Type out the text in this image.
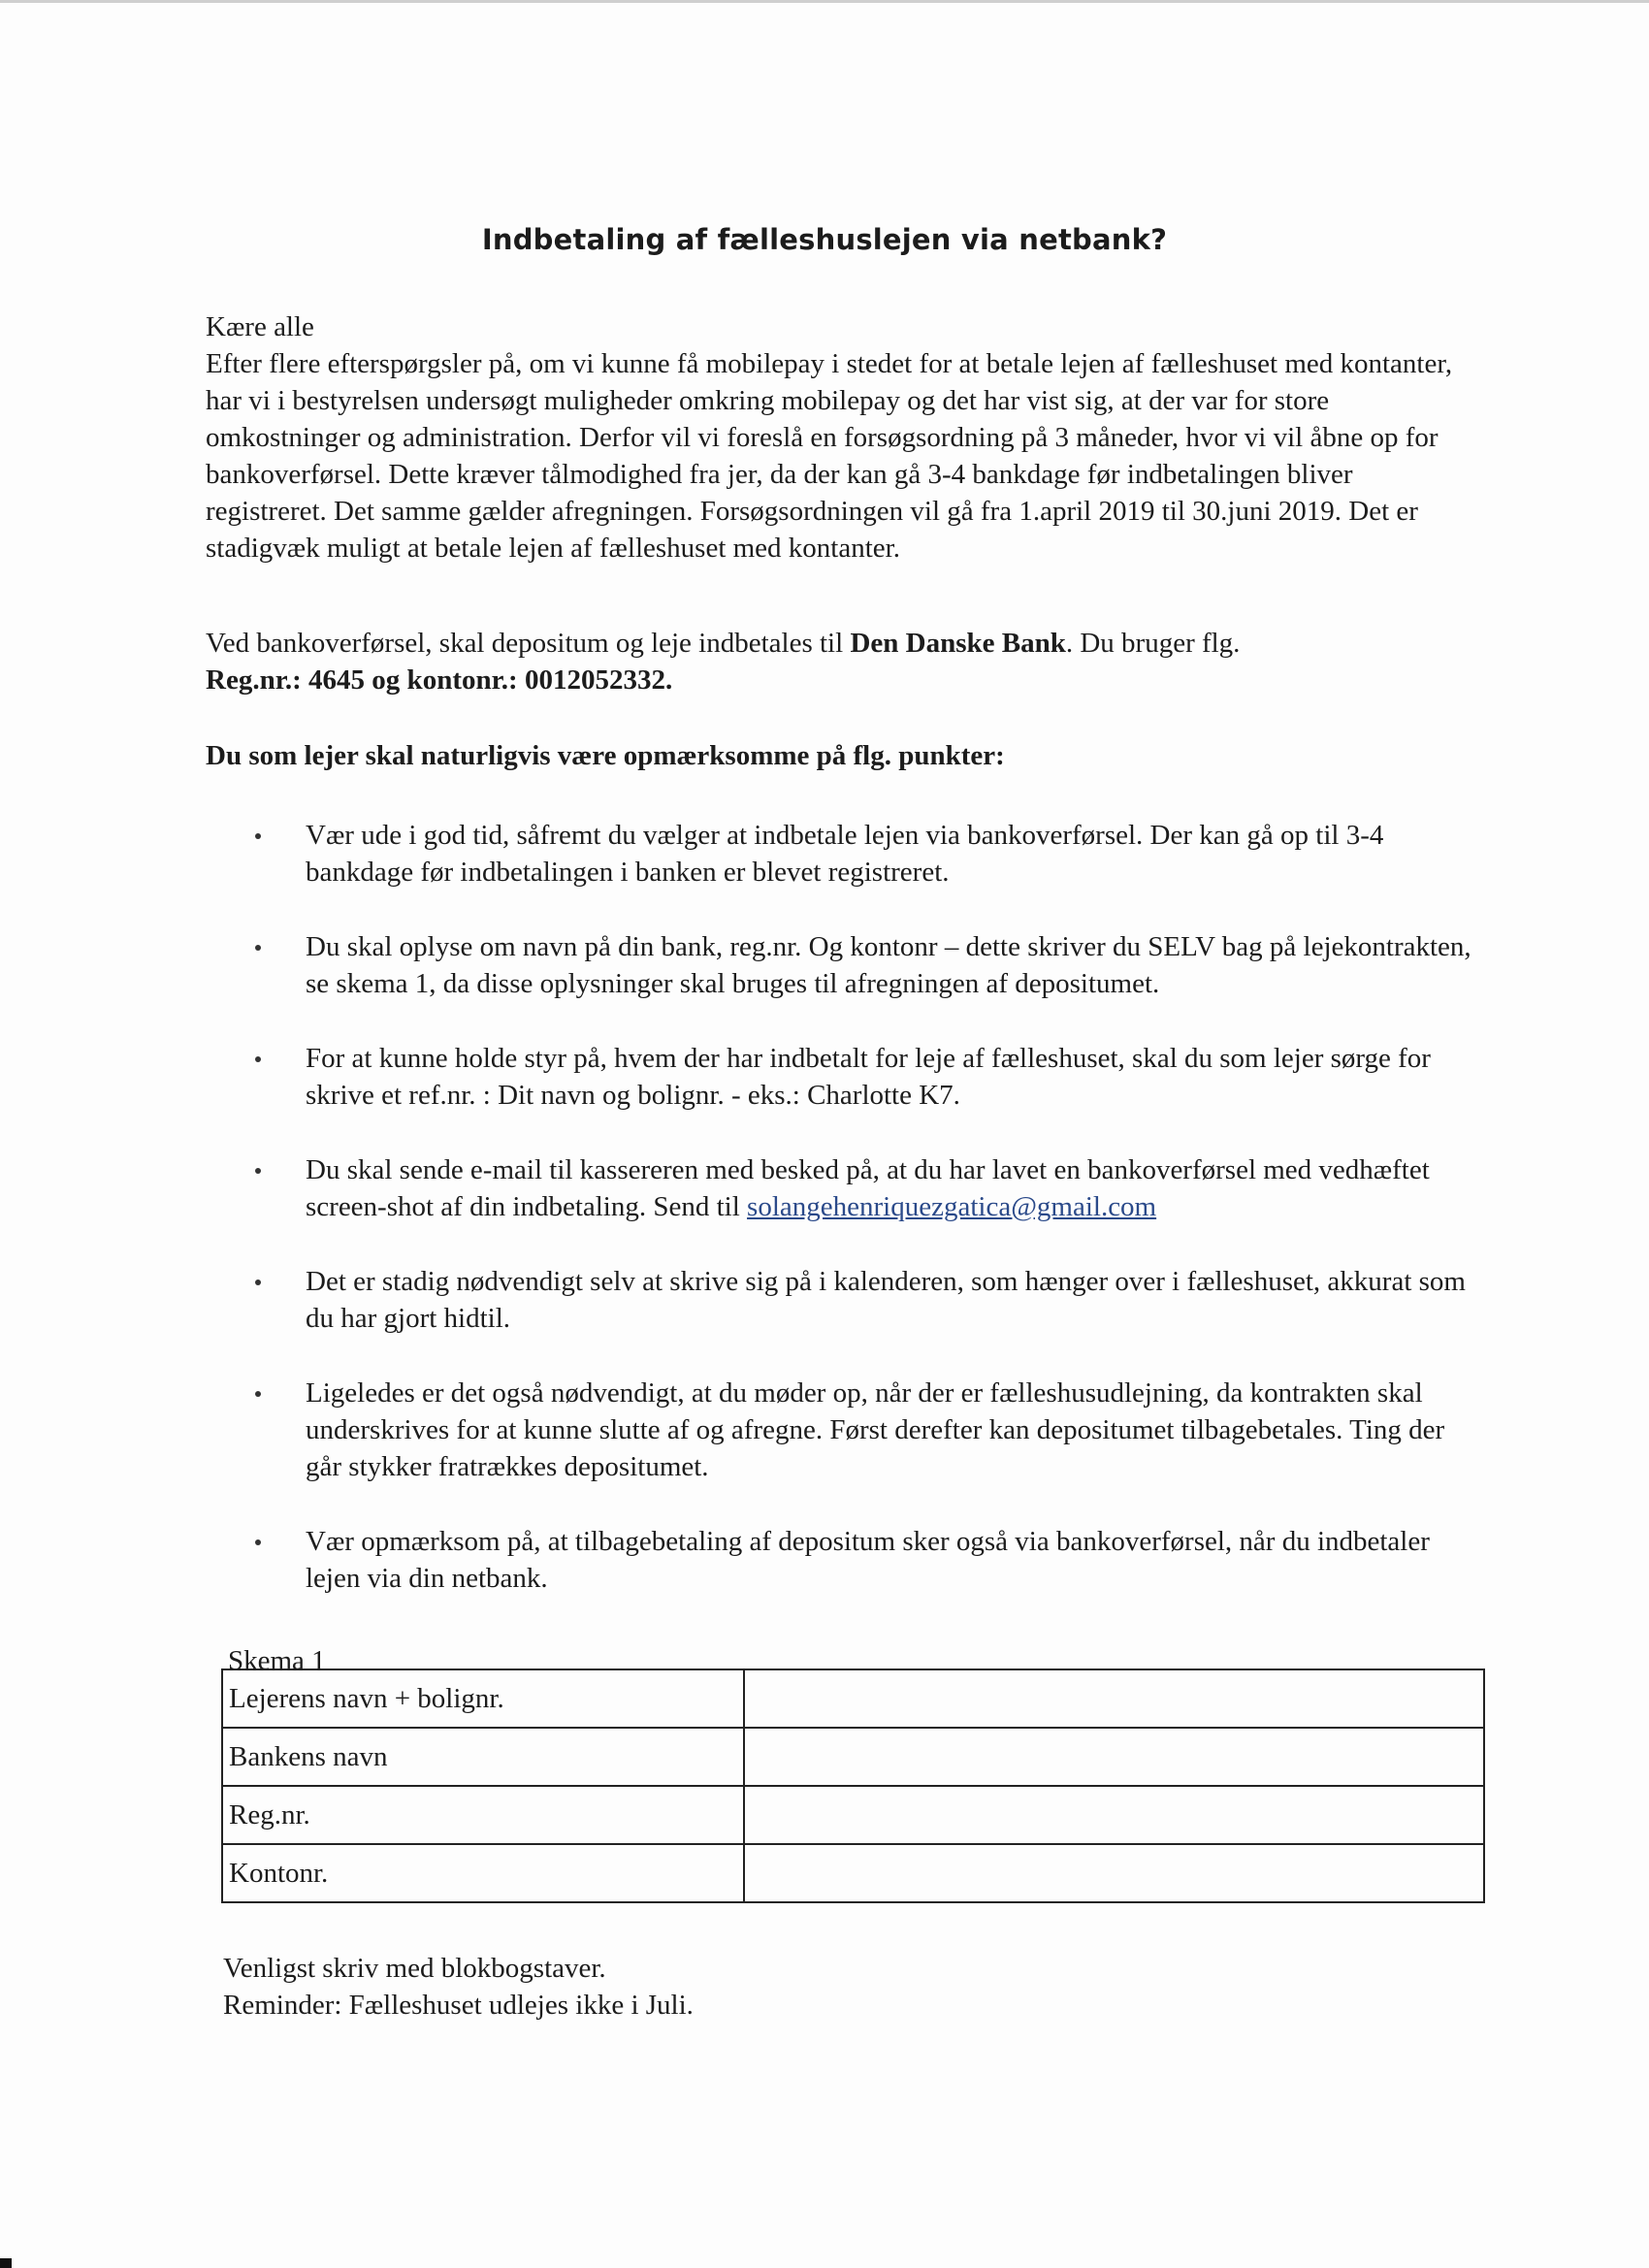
Indbetaling af fælleshuslejen via netbank?
Kære alle
Efter flere efterspørgsler på, om vi kunne få mobilepay i stedet for at betale lejen af fælleshuset med kontanter, har vi i bestyrelsen undersøgt muligheder omkring mobilepay og det har vist sig, at der var for store omkostninger og administration. Derfor vil vi foreslå en forsøgsordning på 3 måneder, hvor vi vil åbne op for bankoverførsel. Dette kræver tålmodighed fra jer, da der kan gå 3-4 bankdage før indbetalingen bliver registreret. Det samme gælder afregningen. Forsøgsordningen vil gå fra 1.april 2019 til 30.juni 2019. Det er stadigvæk muligt at betale lejen af fælleshuset med kontanter.
Ved bankoverførsel, skal depositum og leje indbetales til Den Danske Bank. Du bruger flg.
Reg.nr.: 4645 og kontonr.: 0012052332.
Du som lejer skal naturligvis være opmærksomme på flg. punkter:
Vær ude i god tid, såfremt du vælger at indbetale lejen via bankoverførsel. Der kan gå op til 3-4 bankdage før indbetalingen i banken er blevet registreret.
Du skal oplyse om navn på din bank, reg.nr. Og kontonr – dette skriver du SELV bag på lejekontrakten, se skema 1, da disse oplysninger skal bruges til afregningen af depositumet.
For at kunne holde styr på, hvem der har indbetalt for leje af fælleshuset, skal du som lejer sørge for skrive et ref.nr. : Dit navn og bolignr. - eks.: Charlotte K7.
Du skal sende e-mail til kassereren med besked på, at du har lavet en bankoverførsel med vedhæftet screen-shot af din indbetaling. Send til solangehenriquezgatica@gmail.com
Det er stadig nødvendigt selv at skrive sig på i kalenderen, som hænger over i fælleshuset, akkurat som du har gjort hidtil.
Ligeledes er det også nødvendigt, at du møder op, når der er fælleshusudlejning, da kontrakten skal underskrives for at kunne slutte af og afregne. Først derefter kan depositumet tilbagebetales. Ting der går stykker fratrækkes depositumet.
Vær opmærksom på, at tilbagebetaling af depositum sker også via bankoverførsel, når du indbetaler lejen via din netbank.
Skema 1
Lejerens navn + bolignr.	
Bankens navn	
Reg.nr.	
Kontonr.	
Venligst skriv med blokbogstaver.
Reminder: Fælleshuset udlejes ikke i Juli.
